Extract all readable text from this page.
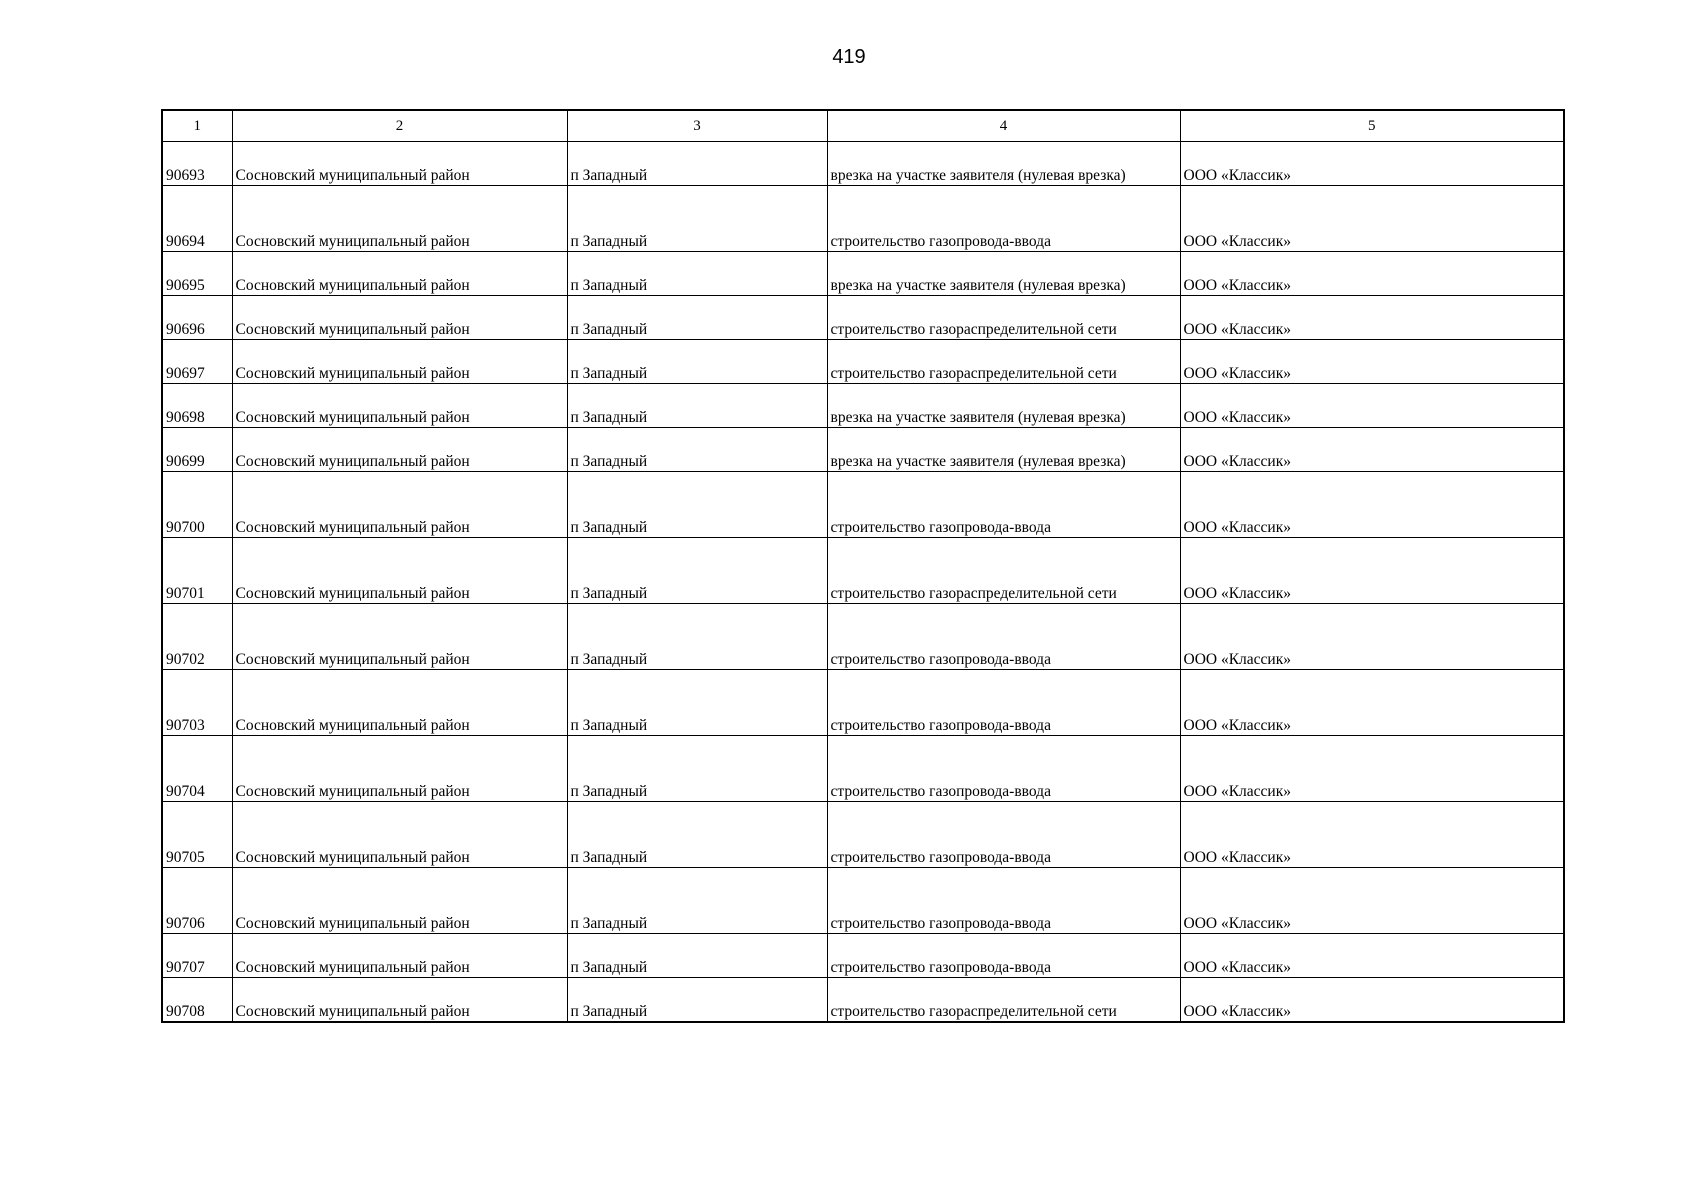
419
1	2	3	4	5
90693	Сосновский муниципальный район	п Западный	врезка на участке заявителя (нулевая врезка)	ООО «Классик»
90694	Сосновский муниципальный район	п Западный	строительство газопровода-ввода	ООО «Классик»
90695	Сосновский муниципальный район	п Западный	врезка на участке заявителя (нулевая врезка)	ООО «Классик»
90696	Сосновский муниципальный район	п Западный	строительство газораспределительной сети	ООО «Классик»
90697	Сосновский муниципальный район	п Западный	строительство газораспределительной сети	ООО «Классик»
90698	Сосновский муниципальный район	п Западный	врезка на участке заявителя (нулевая врезка)	ООО «Классик»
90699	Сосновский муниципальный район	п Западный	врезка на участке заявителя (нулевая врезка)	ООО «Классик»
90700	Сосновский муниципальный район	п Западный	строительство газопровода-ввода	ООО «Классик»
90701	Сосновский муниципальный район	п Западный	строительство газораспределительной сети	ООО «Классик»
90702	Сосновский муниципальный район	п Западный	строительство газопровода-ввода	ООО «Классик»
90703	Сосновский муниципальный район	п Западный	строительство газопровода-ввода	ООО «Классик»
90704	Сосновский муниципальный район	п Западный	строительство газопровода-ввода	ООО «Классик»
90705	Сосновский муниципальный район	п Западный	строительство газопровода-ввода	ООО «Классик»
90706	Сосновский муниципальный район	п Западный	строительство газопровода-ввода	ООО «Классик»
90707	Сосновский муниципальный район	п Западный	строительство газопровода-ввода	ООО «Классик»
90708	Сосновский муниципальный район	п Западный	строительство газораспределительной сети	ООО «Классик»
